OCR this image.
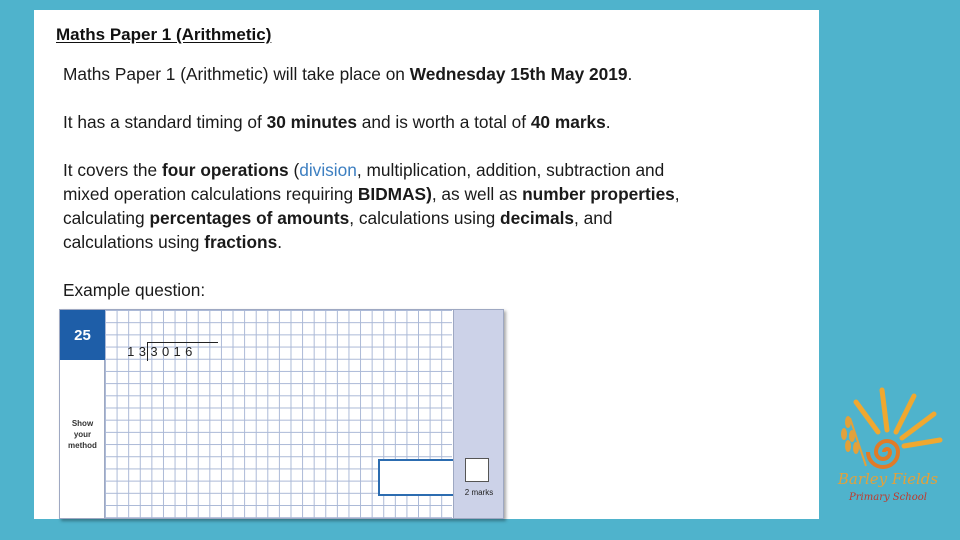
Maths Paper 1 (Arithmetic)
Maths Paper 1 (Arithmetic) will take place on Wednesday 15th May 2019.
It has a standard timing of 30 minutes and is worth a total of 40 marks.
It covers the four operations (division, multiplication, addition, subtraction and
mixed operation calculations requiring BIDMAS), as well as number properties,
calculating percentages of amounts, calculations using decimals, and
calculations using fractions.
Example question:
25
Show
your
method
1 3 3 0 1 6
2 marks
Barley Fields
Primary School
